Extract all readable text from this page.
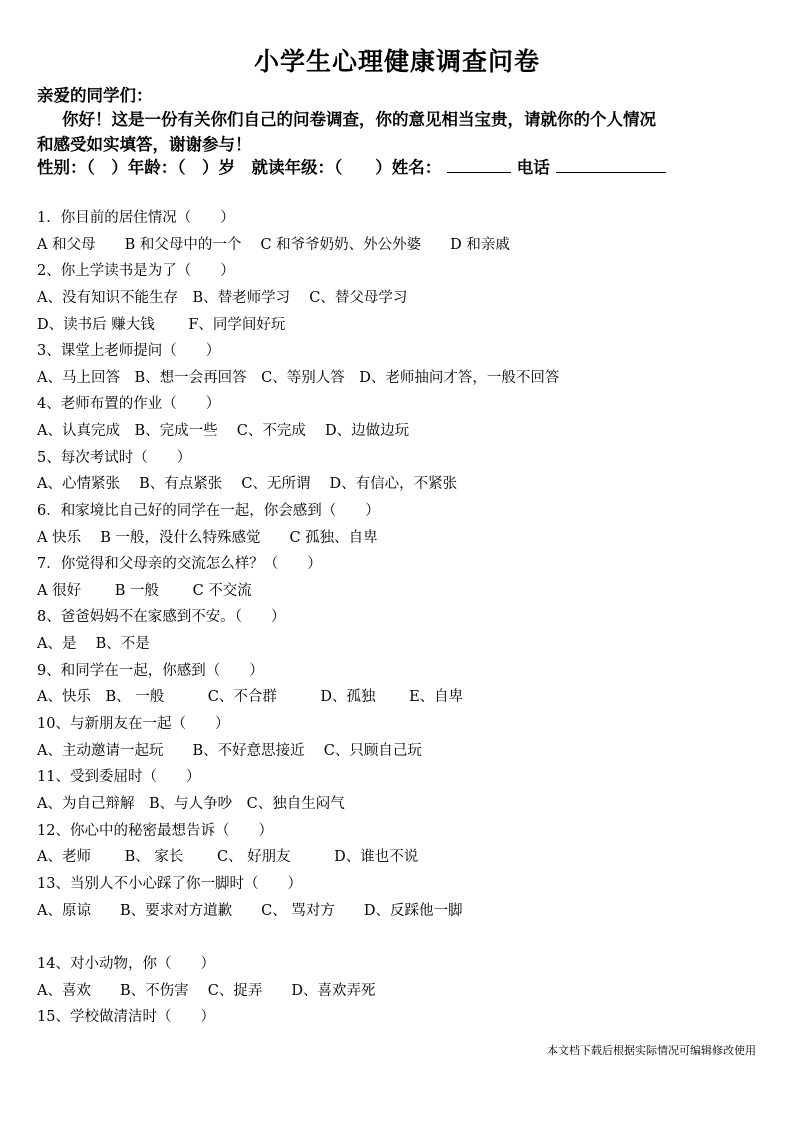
小学生心理健康调查问卷
亲爱的同学们：
你好！这是一份有关你们自己的问卷调查，你的意见相当宝贵，请就你的个人情况
和感受如实填答，谢谢参与！
性别：（　）年龄：（　）岁　就读年级：（　　）姓名：	电话
1．你目前的居住情况（　　）
A 和父母　　B 和父母中的一个　 C 和爷爷奶奶、外公外婆　　D 和亲戚
2、你上学读书是为了（　　）
A、没有知识不能生存　B、替老师学习　 C、替父母学习
D、读书后 赚大钱　　 F、同学间好玩
3、课堂上老师提问（　　）
A、马上回答　B、想一会再回答　C、等别人答　D、老师抽问才答，一般不回答
4、老师布置的作业（　　）
A、认真完成　B、完成一些　 C、不完成　 D、边做边玩
5、每次考试时（　　）
A、心情紧张　 B、有点紧张　 C、无所谓　 D、有信心，不紧张
6．和家境比自己好的同学在一起，你会感到（　　）
A 快乐　 B 一般，没什么特殊感觉　　C 孤独、自卑
7．你觉得和父母亲的交流怎么样？（　　）
A 很好　　 B 一般　　 C 不交流
8、爸爸妈妈不在家感到不安。（　　）
A、是　 B、不是
9、和同学在一起，你感到（　　）
A、快乐　B、 一般　　　C、不合群　　　D、孤独　　 E、自卑
10、与新朋友在一起（　　）
A、主动邀请一起玩　　B、不好意思接近　 C、只顾自己玩
11、受到委屈时（　　）
A、为自己辩解　B、与人争吵　C、独自生闷气
12、你心中的秘密最想告诉（　　）
A、老师　　 B、 家长　　 C、 好朋友　　　D、谁也不说
13、当别人不小心踩了你一脚时（　　）
A、原谅　　B、要求对方道歉　　C、 骂对方　　D、反踩他一脚
14、对小动物，你（　　）
A、喜欢　　B、不伤害　 C、捉弄　　D、喜欢弄死
15、学校做清洁时（　　）
本文档下载后根据实际情况可编辑修改使用
